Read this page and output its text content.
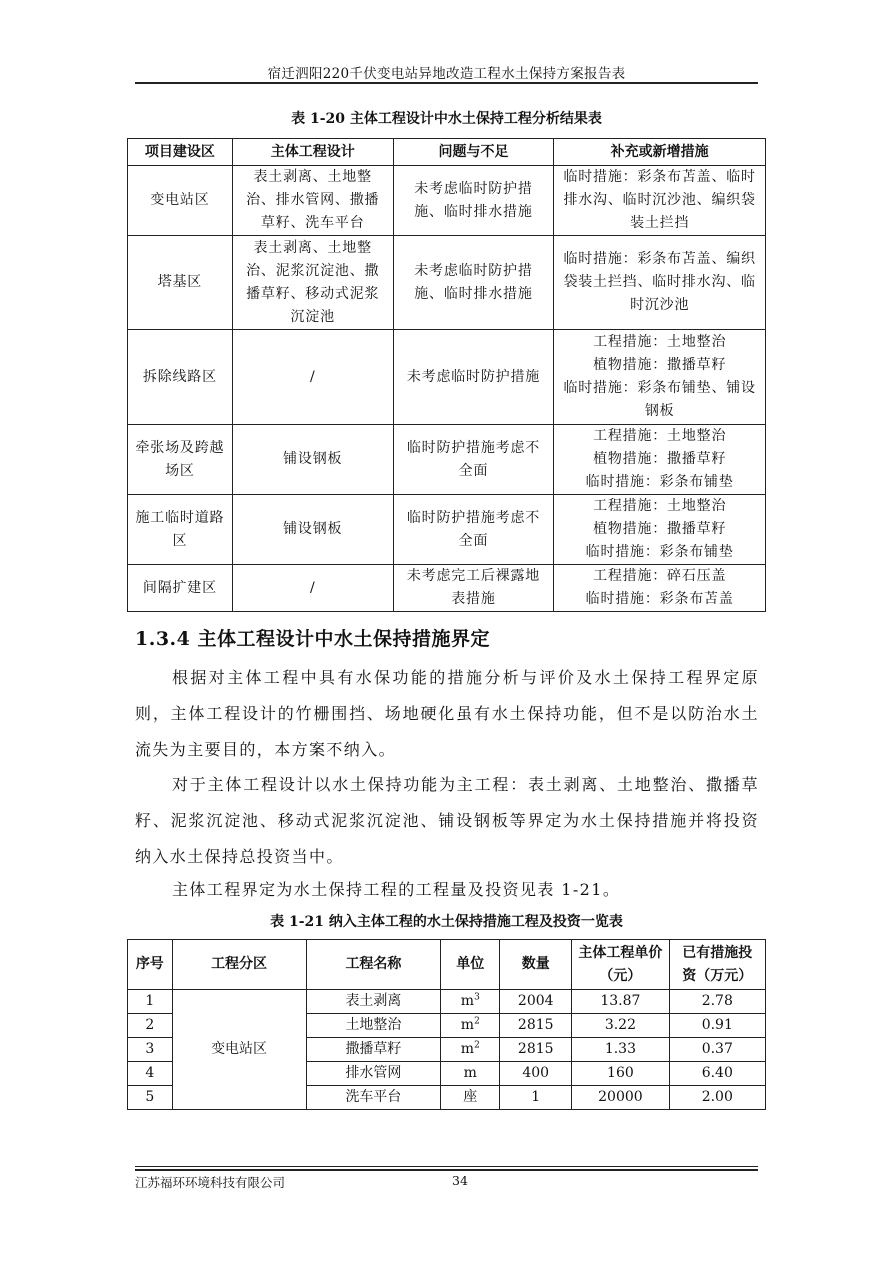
宿迁泗阳220千伏变电站异地改造工程水土保持方案报告表
表 1-20 主体工程设计中水土保持工程分析结果表
项目建设区	主体工程设计	问题与不足	补充或新增措施
变电站区	表土剥离、土地整治、排水管网、撒播草籽、洗车平台	未考虑临时防护措施、临时排水措施	临时措施：彩条布苫盖、临时排水沟、临时沉沙池、编织袋装土拦挡
塔基区	表土剥离、土地整治、泥浆沉淀池、撒播草籽、移动式泥浆沉淀池	未考虑临时防护措施、临时排水措施	临时措施：彩条布苫盖、编织袋装土拦挡、临时排水沟、临时沉沙池
拆除线路区	/	未考虑临时防护措施	工程措施：土地整治
植物措施：撒播草籽
临时措施：彩条布铺垫、铺设钢板
牵张场及跨越场区	铺设钢板	临时防护措施考虑不全面	工程措施：土地整治
植物措施：撒播草籽
临时措施：彩条布铺垫
施工临时道路区	铺设钢板	临时防护措施考虑不全面	工程措施：土地整治
植物措施：撒播草籽
临时措施：彩条布铺垫
间隔扩建区	/	未考虑完工后裸露地表措施	工程措施：碎石压盖
临时措施：彩条布苫盖
1.3.4 主体工程设计中水土保持措施界定
根据对主体工程中具有水保功能的措施分析与评价及水土保持工程界定原则，主体工程设计的竹栅围挡、场地硬化虽有水土保持功能，但不是以防治水土流失为主要目的，本方案不纳入。
对于主体工程设计以水土保持功能为主工程：表土剥离、土地整治、撒播草籽、泥浆沉淀池、移动式泥浆沉淀池、铺设钢板等界定为水土保持措施并将投资纳入水土保持总投资当中。
主体工程界定为水土保持工程的工程量及投资见表 1-21。
表 1-21 纳入主体工程的水土保持措施工程及投资一览表
序号	工程分区	工程名称	单位	数量	主体工程单价（元）	已有措施投资（万元）
1	变电站区	表土剥离	$m^3$	2004	13.87	2.78
2		土地整治	$m^2$	2815	3.22	0.91
3		撒播草籽	$m^2$	2815	1.33	0.37
4		排水管网	m	400	160	6.40
5		洗车平台	座	1	20000	2.00
江苏福环环境科技有限公司	34
